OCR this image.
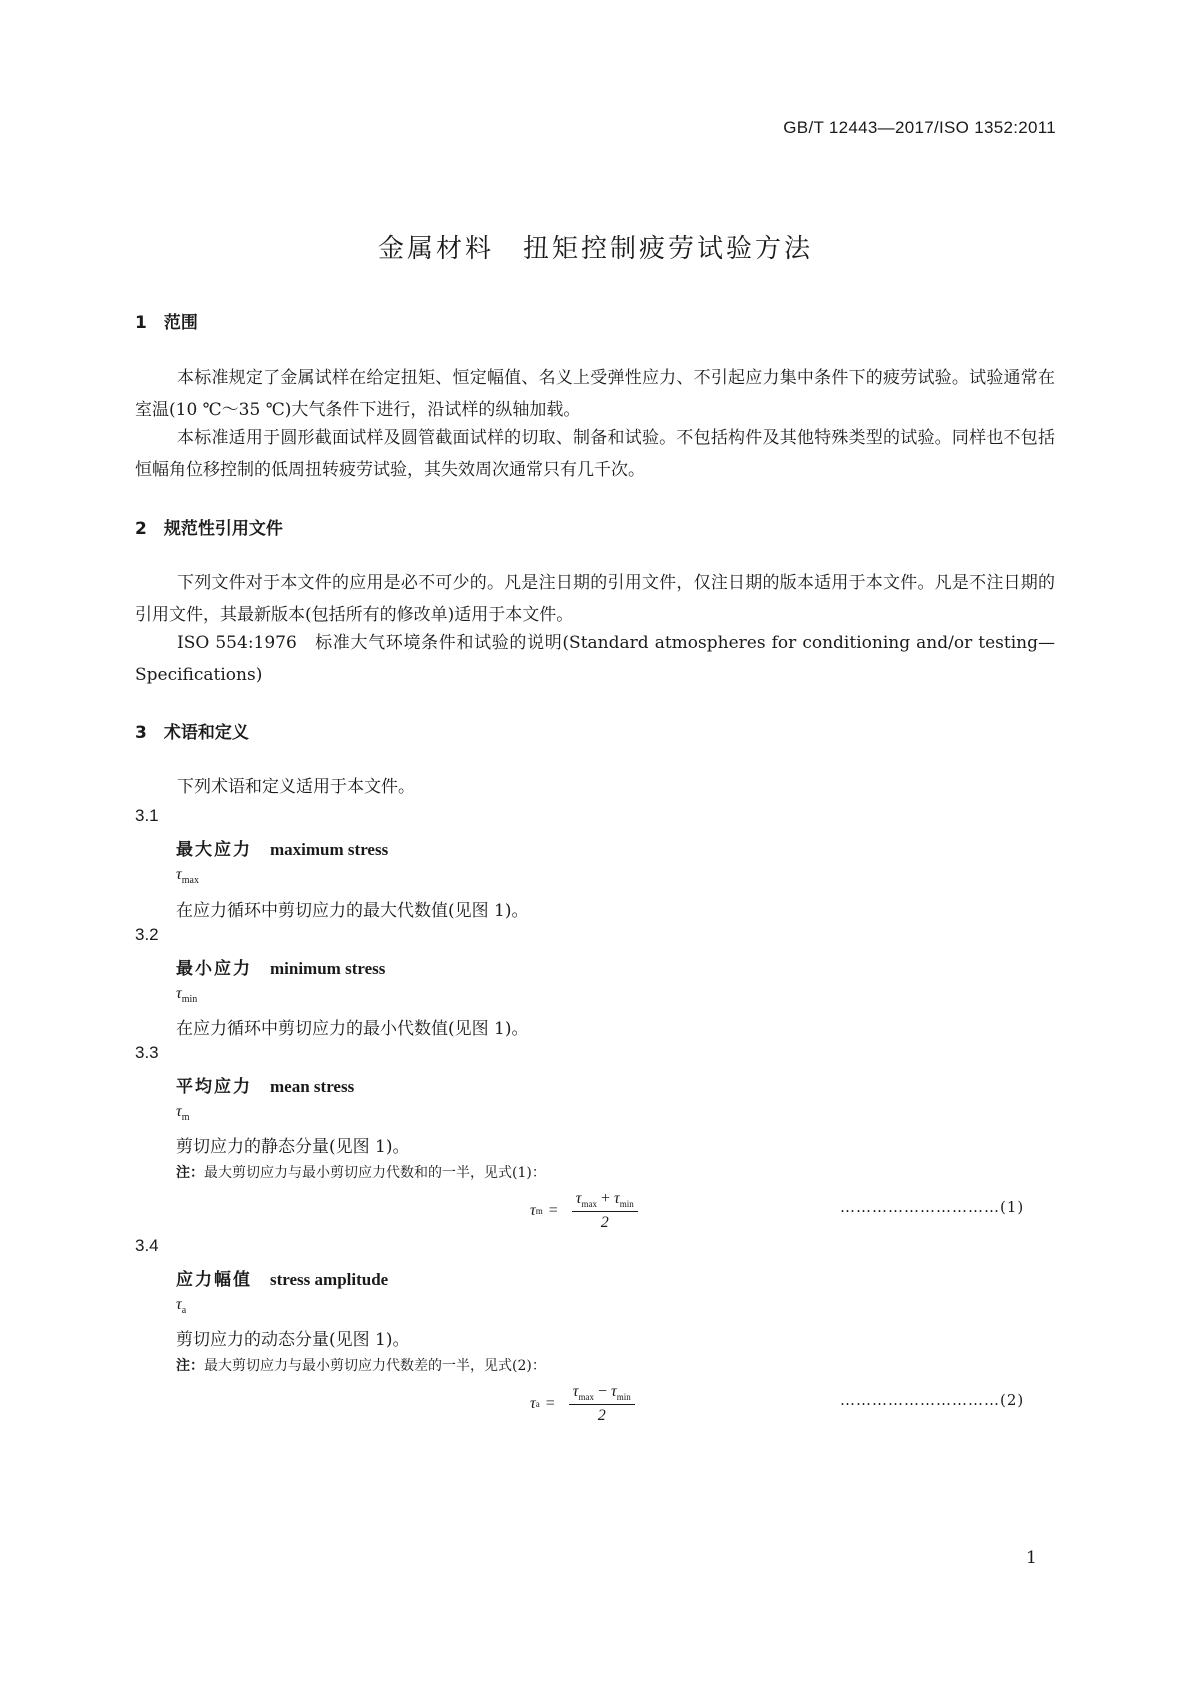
GB/T 12443—2017/ISO 1352:2011
金属材料　扭矩控制疲劳试验方法
1　范围
本标准规定了金属试样在给定扭矩、恒定幅值、名义上受弹性应力、不引起应力集中条件下的疲劳试验。试验通常在室温(10 ℃～35 ℃)大气条件下进行，沿试样的纵轴加载。
本标准适用于圆形截面试样及圆管截面试样的切取、制备和试验。不包括构件及其他特殊类型的试验。同样也不包括恒幅角位移控制的低周扭转疲劳试验，其失效周次通常只有几千次。
2　规范性引用文件
下列文件对于本文件的应用是必不可少的。凡是注日期的引用文件，仅注日期的版本适用于本文件。凡是不注日期的引用文件，其最新版本(包括所有的修改单)适用于本文件。
ISO 554:1976　标准大气环境条件和试验的说明(Standard atmospheres for conditioning and/or testing—Specifications)
3　术语和定义
下列术语和定义适用于本文件。
3.1
最大应力 maximum stress
$\tau_{max}$
在应力循环中剪切应力的最大代数值(见图 1)。
3.2
最小应力 minimum stress
$\tau_{min}$
在应力循环中剪切应力的最小代数值(见图 1)。
3.3
平均应力 mean stress
$\tau_m$
剪切应力的静态分量(见图 1)。
注：最大剪切应力与最小剪切应力代数和的一半，见式(1)：
τ $m = \frac{\tau_{max} + \tau_{min}}{2}$	…………………………(1)
3.4
应力幅值 stress amplitude
$\tau_a$
剪切应力的动态分量(见图 1)。
注：最大剪切应力与最小剪切应力代数差的一半，见式(2)：
τ $a = \frac{\tau_{max} - \tau_{min}}{2}$	…………………………(2)
1
